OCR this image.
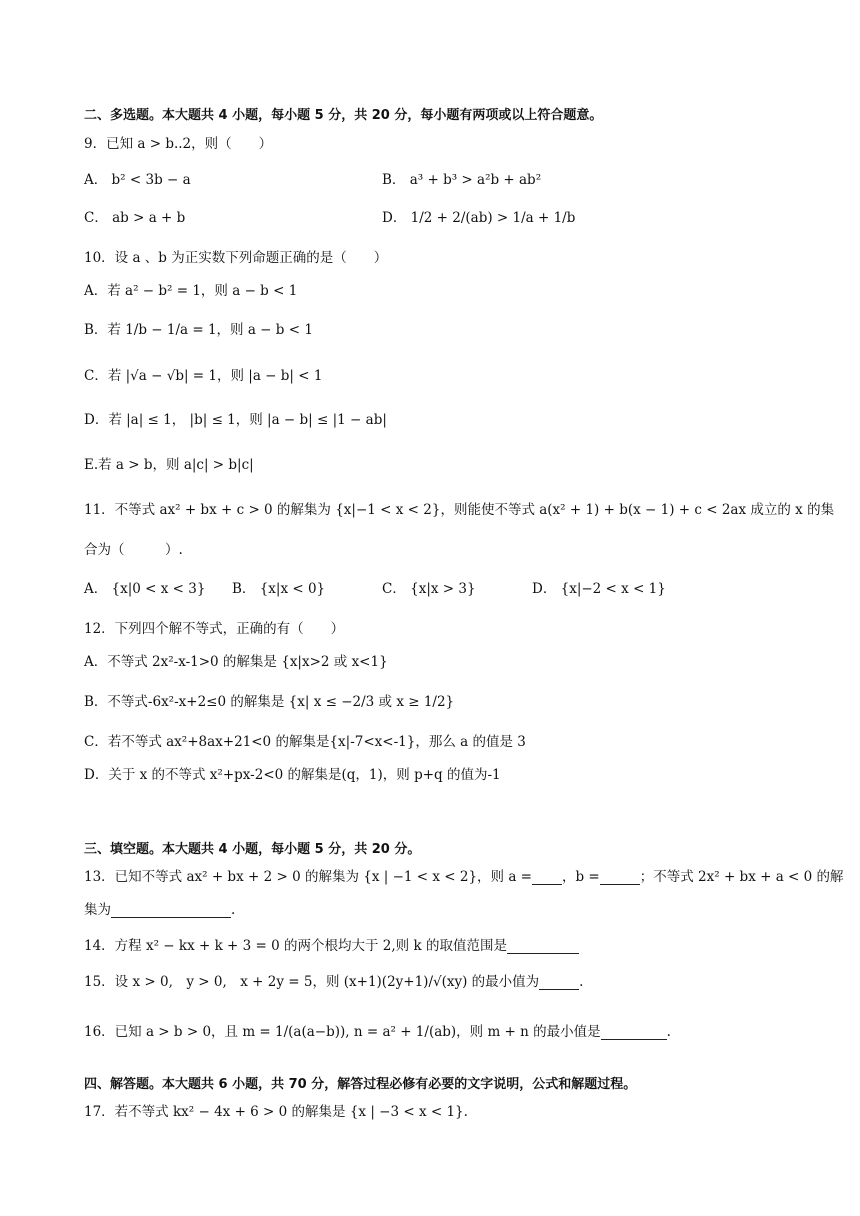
二、多选题。本大题共 4 小题，每小题 5 分，共 20 分，每小题有两项或以上符合题意。
9．已知 a > b..2，则（　　）
A． b² < 3b − a	B． a³ + b³ > a²b + ab²
C． ab > a + b	D． 1/2 + 2/(ab) > 1/a + 1/b
10．设 a 、b 为正实数下列命题正确的是（　　）
A．若 a² − b² = 1，则 a − b < 1
B．若 1/b − 1/a = 1，则 a − b < 1
C．若 |√a − √b| = 1，则 |a − b| < 1
D．若 |a| ≤ 1， |b| ≤ 1，则 |a − b| ≤ |1 − ab|
E.若 a > b，则 a|c| > b|c|
11．不等式 ax² + bx + c > 0 的解集为 {x|−1 < x < 2}，则能使不等式 a(x² + 1) + b(x − 1) + c < 2ax 成立的 x 的集
合为（　　　）.
A． {x|0 < x < 3} B． {x|x < 0}	C． {x|x > 3}	D． {x|−2 < x < 1}
12．下列四个解不等式，正确的有（　　）
A．不等式 2x²-x-1>0 的解集是 {x|x>2 或 x<1}
B．不等式-6x²-x+2≤0 的解集是 {x| x ≤ −2/3 或 x ≥ 1/2}
C．若不等式 ax²+8ax+21<0 的解集是{x|-7<x<-1}，那么 a 的值是 3
D．关于 x 的不等式 x²+px-2<0 的解集是(q，1)，则 p+q 的值为-1
三、填空题。本大题共 4 小题，每小题 5 分，共 20 分。
13．已知不等式 ax² + bx + 2 > 0 的解集为 {x | −1 < x < 2}，则 a = ，b =	；不等式 2x² + bx + a < 0 的解
集为	.
14．方程 x² − kx + k + 3 = 0 的两个根均大于 2,则 k 的取值范围是
15．设 x > 0,　y > 0,　x + 2y = 5，则 (x+1)(2y+1)/√(xy) 的最小值为	.
16．已知 a > b > 0，且 m = 1/(a(a−b)), n = a² + 1/(ab)，则 m + n 的最小值是	.
四、解答题。本大题共 6 小题，共 70 分，解答过程必修有必要的文字说明，公式和解题过程。
17．若不等式 kx² − 4x + 6 > 0 的解集是 {x | −3 < x < 1}.
